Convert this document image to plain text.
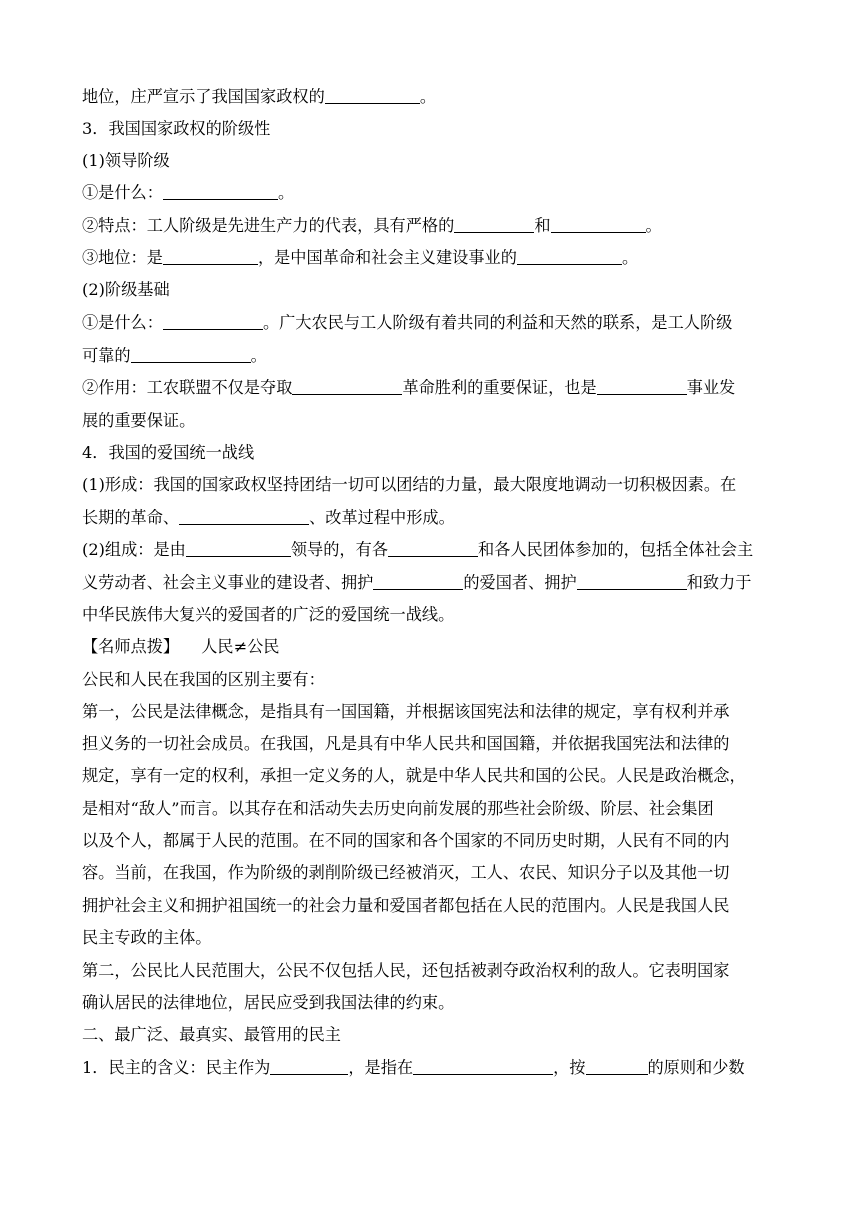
地位，庄严宣示了我国国家政权的	。
3．我国国家政权的阶级性
(1)领导阶级
①是什么：	。
②特点：工人阶级是先进生产力的代表，具有严格的	和	。
③地位：是	，是中国革命和社会主义建设事业的	。
(2)阶级基础
①是什么：	。广大农民与工人阶级有着共同的利益和天然的联系，是工人阶级
可靠的	。
②作用：工农联盟不仅是夺取	革命胜利的重要保证，也是	事业发
展的重要保证。
4．我国的爱国统一战线
(1)形成：我国的国家政权坚持团结一切可以团结的力量，最大限度地调动一切积极因素。在
长期的革命、	、改革过程中形成。
(2)组成：是由	领导的，有各	和各人民团体参加的，包括全体社会主
义劳动者、社会主义事业的建设者、拥护	的爱国者、拥护	和致力于
中华民族伟大复兴的爱国者的广泛的爱国统一战线。
【名师点拨】 人民≠公民
公民和人民在我国的区别主要有：
第一，公民是法律概念，是指具有一国国籍，并根据该国宪法和法律的规定，享有权利并承
担义务的一切社会成员。在我国，凡是具有中华人民共和国国籍，并依据我国宪法和法律的
规定，享有一定的权利，承担一定义务的人，就是中华人民共和国的公民。人民是政治概念，
是相对“敌人”而言。以其存在和活动失去历史向前发展的那些社会阶级、阶层、社会集团
以及个人，都属于人民的范围。在不同的国家和各个国家的不同历史时期，人民有不同的内
容。当前，在我国，作为阶级的剥削阶级已经被消灭，工人、农民、知识分子以及其他一切
拥护社会主义和拥护祖国统一的社会力量和爱国者都包括在人民的范围内。人民是我国人民
民主专政的主体。
第二，公民比人民范围大，公民不仅包括人民，还包括被剥夺政治权利的敌人。它表明国家
确认居民的法律地位，居民应受到我国法律的约束。
二、最广泛、最真实、最管用的民主
1．民主的含义：民主作为	，是指在	，按	的原则和少数
